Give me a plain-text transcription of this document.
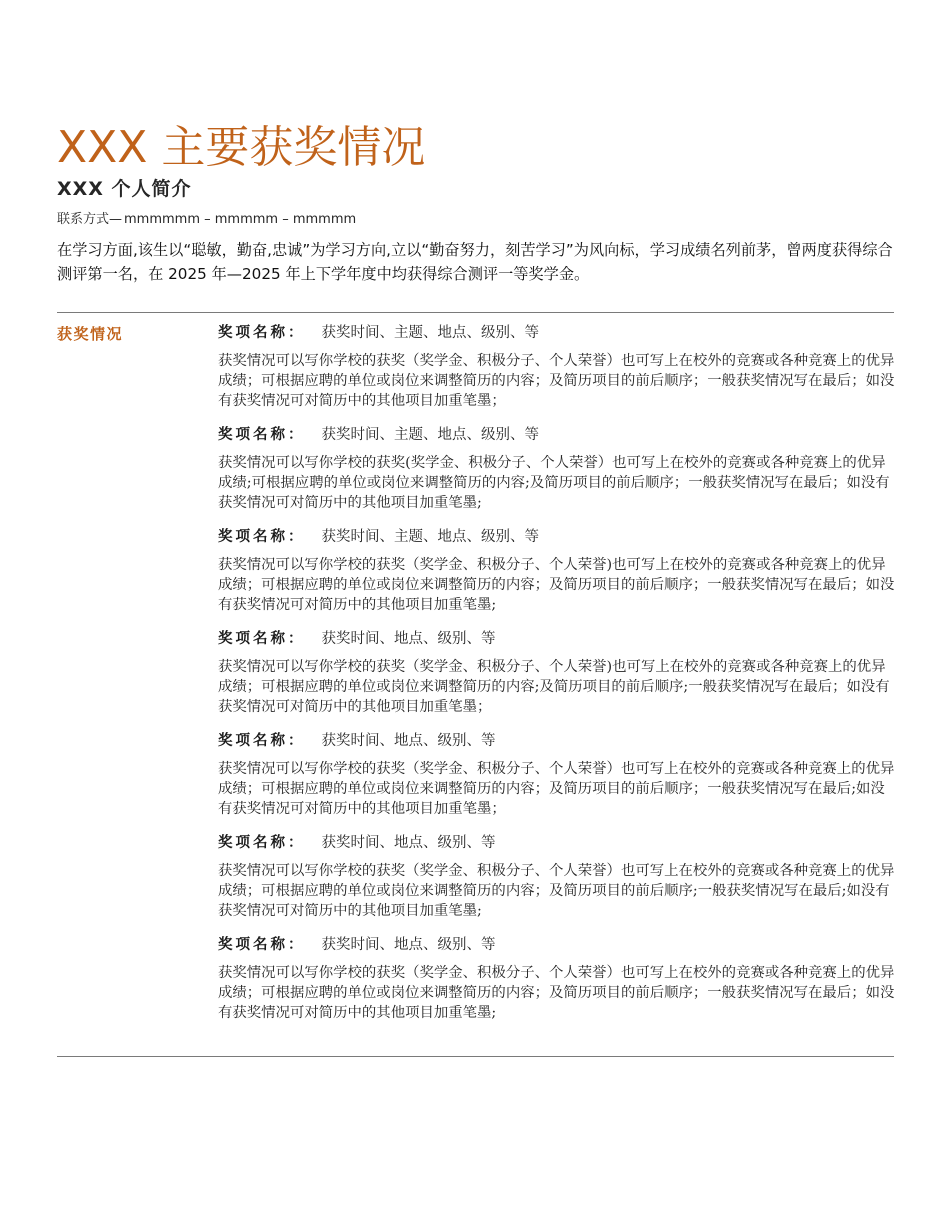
XXX 主要获奖情况
XXX 个人简介
联系方式— mmmmmm – mmmmm – mmmmm

在学习方面,该生以“聪敏，勤奋,忠诚”为学习方向,立以“勤奋努力，刻苦学习”为风向标，学习成绩名列前茅，曾两度获得综合测评第一名，在 2025 年—2025 年上下学年度中均获得综合测评一等奖学金。

获奖情况	奖项名称： 获奖时间、主题、地点、级别、等

获奖情况可以写你学校的获奖（奖学金、积极分子、个人荣誉）也可写上在校外的竞赛或各种竞赛上的优异成绩；可根据应聘的单位或岗位来调整简历的内容；及简历项目的前后顺序；一般获奖情况写在最后；如没有获奖情况可对简历中的其他项目加重笔墨；

奖项名称： 获奖时间、主题、地点、级别、等

获奖情况可以写你学校的获奖(奖学金、积极分子、个人荣誉）也可写上在校外的竞赛或各种竞赛上的优异成绩;可根据应聘的单位或岗位来调整简历的内容;及简历项目的前后顺序；一般获奖情况写在最后；如没有获奖情况可对简历中的其他项目加重笔墨;

奖项名称： 获奖时间、主题、地点、级别、等

获奖情况可以写你学校的获奖（奖学金、积极分子、个人荣誉)也可写上在校外的竞赛或各种竞赛上的优异成绩；可根据应聘的单位或岗位来调整简历的内容；及简历项目的前后顺序；一般获奖情况写在最后；如没有获奖情况可对简历中的其他项目加重笔墨;

奖项名称： 获奖时间、地点、级别、等

获奖情况可以写你学校的获奖（奖学金、积极分子、个人荣誉)也可写上在校外的竞赛或各种竞赛上的优异成绩；可根据应聘的单位或岗位来调整简历的内容;及简历项目的前后顺序;一般获奖情况写在最后；如没有获奖情况可对简历中的其他项目加重笔墨；

奖项名称： 获奖时间、地点、级别、等

获奖情况可以写你学校的获奖（奖学金、积极分子、个人荣誉）也可写上在校外的竞赛或各种竞赛上的优异成绩；可根据应聘的单位或岗位来调整简历的内容；及简历项目的前后顺序；一般获奖情况写在最后;如没有获奖情况可对简历中的其他项目加重笔墨；

奖项名称： 获奖时间、地点、级别、等

获奖情况可以写你学校的获奖（奖学金、积极分子、个人荣誉）也可写上在校外的竞赛或各种竞赛上的优异成绩；可根据应聘的单位或岗位来调整简历的内容；及简历项目的前后顺序;一般获奖情况写在最后;如没有获奖情况可对简历中的其他项目加重笔墨;

奖项名称： 获奖时间、地点、级别、等

获奖情况可以写你学校的获奖（奖学金、积极分子、个人荣誉）也可写上在校外的竞赛或各种竞赛上的优异成绩；可根据应聘的单位或岗位来调整简历的内容；及简历项目的前后顺序；一般获奖情况写在最后；如没有获奖情况可对简历中的其他项目加重笔墨;
